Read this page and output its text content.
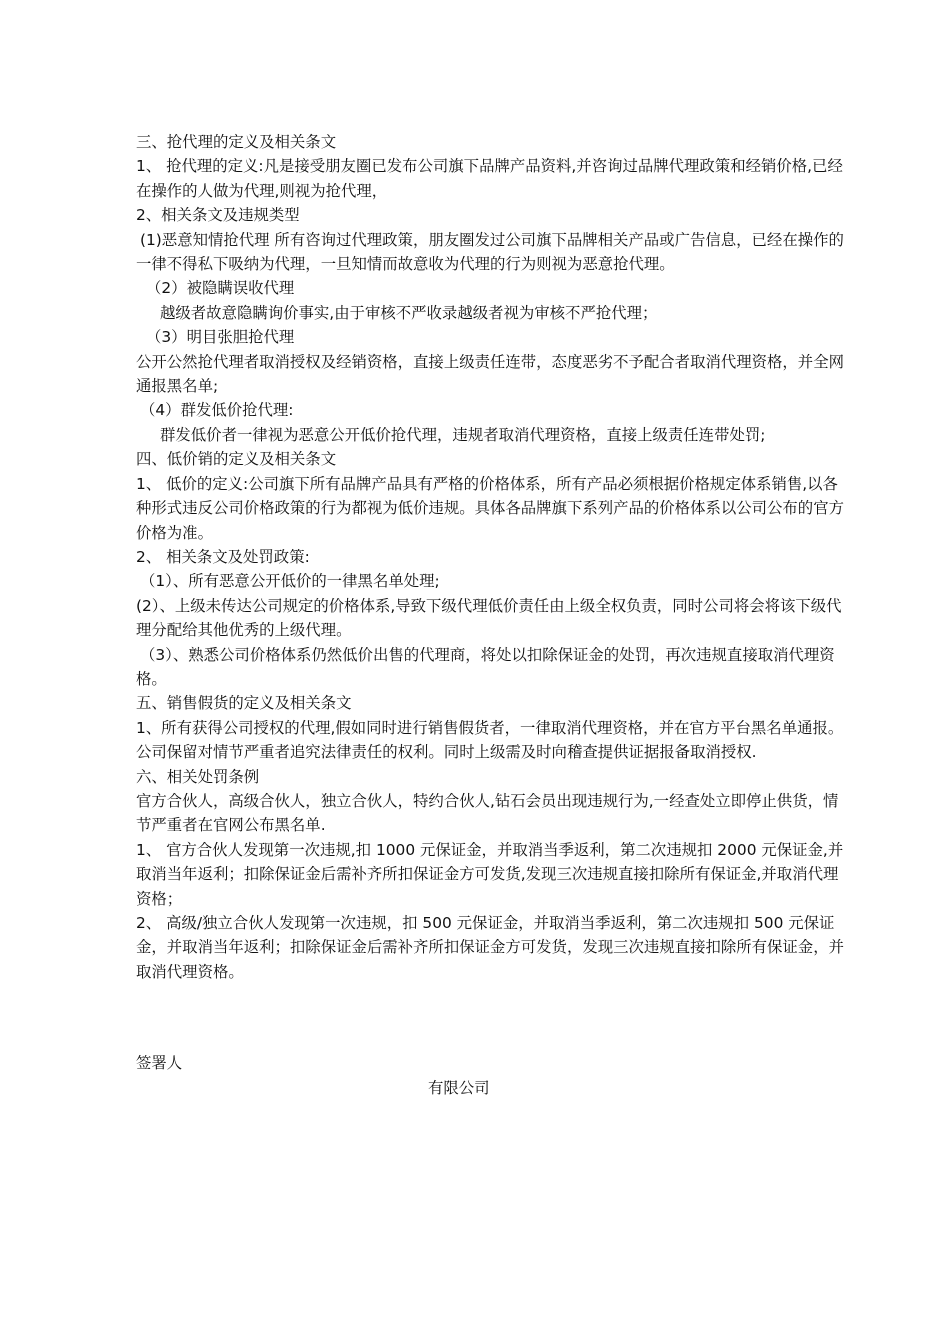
三、抢代理的定义及相关条文

1、 抢代理的定义:凡是接受朋友圈已发布公司旗下品牌产品资料,并咨询过品牌代理政策和经销价格,已经在操作的人做为代理,则视为抢代理，

2、相关条文及违规类型

(1)恶意知情抢代理 所有咨询过代理政策，朋友圈发过公司旗下品牌相关产品或广告信息，已经在操作的一律不得私下吸纳为代理，一旦知情而故意收为代理的行为则视为恶意抢代理。

（2）被隐瞒误收代理

越级者故意隐瞒询价事实,由于审核不严收录越级者视为审核不严抢代理；

（3）明目张胆抢代理

公开公然抢代理者取消授权及经销资格，直接上级责任连带，态度恶劣不予配合者取消代理资格，并全网通报黑名单;

（4）群发低价抢代理:

群发低价者一律视为恶意公开低价抢代理，违规者取消代理资格，直接上级责任连带处罚;

四、低价销的定义及相关条文

1、 低价的定义:公司旗下所有品牌产品具有严格的价格体系，所有产品必须根据价格规定体系销售,以各种形式违反公司价格政策的行为都视为低价违规。具体各品牌旗下系列产品的价格体系以公司公布的官方价格为准。

2、 相关条文及处罚政策:

（1）、所有恶意公开低价的一律黑名单处理;

(2）、上级未传达公司规定的价格体系,导致下级代理低价责任由上级全权负责，同时公司将会将该下级代理分配给其他优秀的上级代理。

（3）、熟悉公司价格体系仍然低价出售的代理商，将处以扣除保证金的处罚，再次违规直接取消代理资格。

五、销售假货的定义及相关条文

1、所有获得公司授权的代理,假如同时进行销售假货者，一律取消代理资格，并在官方平台黑名单通报。公司保留对情节严重者追究法律责任的权利。同时上级需及时向稽查提供证据报备取消授权.

六、相关处罚条例

官方合伙人，高级合伙人，独立合伙人，特约合伙人,钻石会员出现违规行为,一经查处立即停止供货，情节严重者在官网公布黑名单.

1、 官方合伙人发现第一次违规,扣 1000 元保证金，并取消当季返利，第二次违规扣 2000 元保证金,并取消当年返利；扣除保证金后需补齐所扣保证金方可发货,发现三次违规直接扣除所有保证金,并取消代理资格；

2、 高级/独立合伙人发现第一次违规，扣 500 元保证金，并取消当季返利，第二次违规扣 500 元保证金，并取消当年返利；扣除保证金后需补齐所扣保证金方可发货，发现三次违规直接扣除所有保证金，并取消代理资格。

签署人
有限公司
